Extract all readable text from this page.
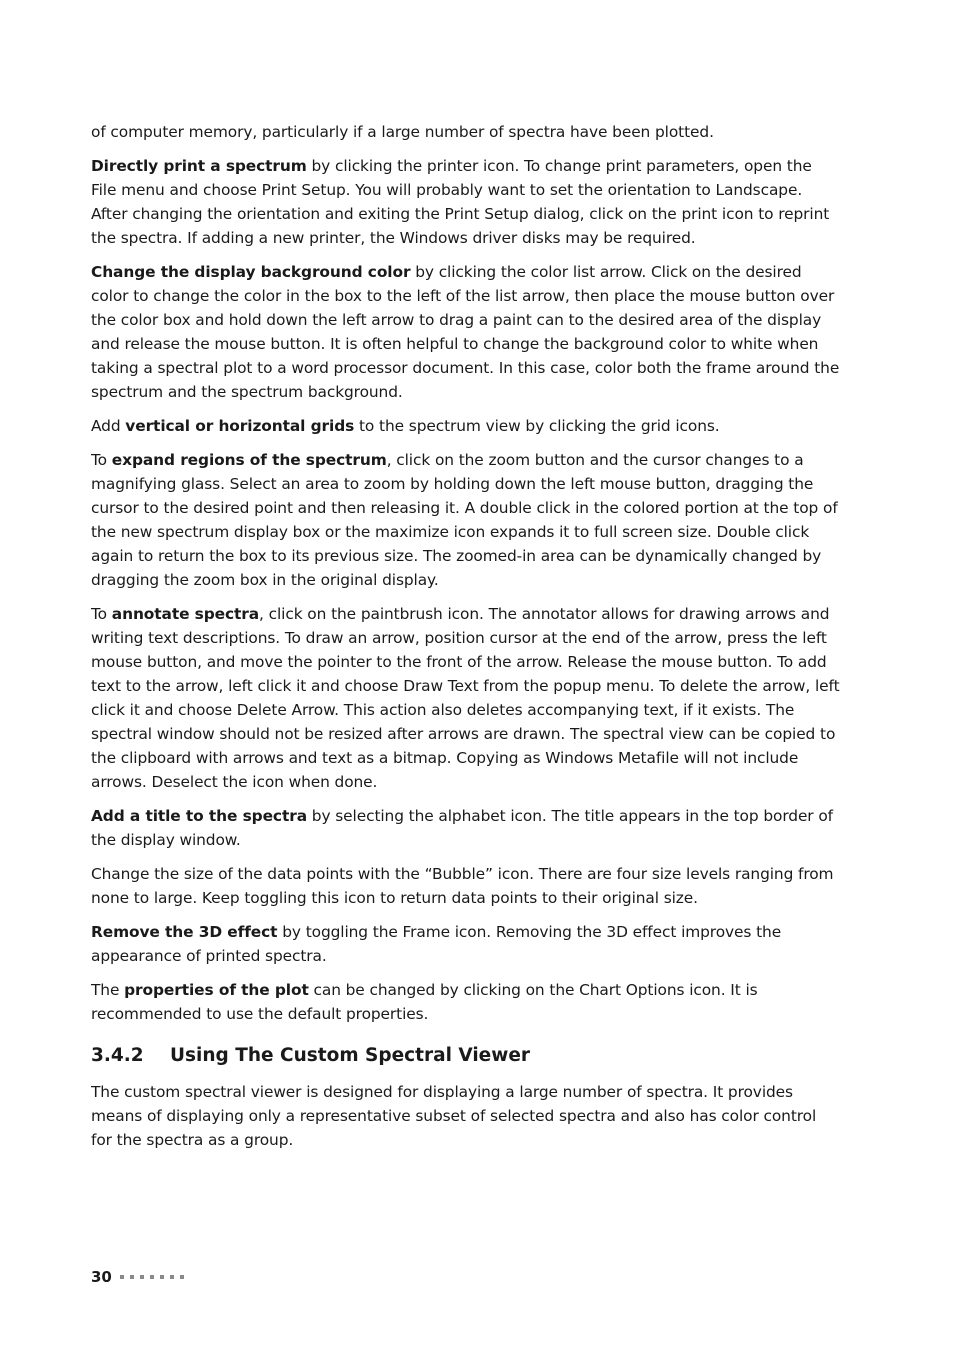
of computer memory, particularly if a large number of spectra have been plotted.

Directly print a spectrum by clicking the printer icon. To change print parameters, open the File menu and choose Print Setup. You will probably want to set the orientation to Landscape. After changing the orientation and exiting the Print Setup dialog, click on the print icon to reprint the spectra. If adding a new printer, the Windows driver disks may be required.

Change the display background color by clicking the color list arrow. Click on the desired color to change the color in the box to the left of the list arrow, then place the mouse button over the color box and hold down the left arrow to drag a paint can to the desired area of the display and release the mouse button. It is often helpful to change the background color to white when taking a spectral plot to a word processor document. In this case, color both the frame around the spectrum and the spectrum background.

Add vertical or horizontal grids to the spectrum view by clicking the grid icons.

To expand regions of the spectrum, click on the zoom button and the cursor changes to a magnifying glass. Select an area to zoom by holding down the left mouse button, dragging the cursor to the desired point and then releasing it. A double click in the colored portion at the top of the new spectrum display box or the maximize icon expands it to full screen size. Double click again to return the box to its previous size. The zoomed-in area can be dynamically changed by dragging the zoom box in the original display.

To annotate spectra, click on the paintbrush icon. The annotator allows for drawing arrows and writing text descriptions. To draw an arrow, position cursor at the end of the arrow, press the left mouse button, and move the pointer to the front of the arrow. Release the mouse button. To add text to the arrow, left click it and choose Draw Text from the popup menu. To delete the arrow, left click it and choose Delete Arrow. This action also deletes accompanying text, if it exists. The spectral window should not be resized after arrows are drawn. The spectral view can be copied to the clipboard with arrows and text as a bitmap. Copying as Windows Metafile will not include arrows. Deselect the icon when done.

Add a title to the spectra by selecting the alphabet icon. The title appears in the top border of the display window.

Change the size of the data points with the “Bubble” icon. There are four size levels ranging from none to large. Keep toggling this icon to return data points to their original size.

Remove the 3D effect by toggling the Frame icon. Removing the 3D effect improves the appearance of printed spectra.

The properties of the plot can be changed by clicking on the Chart Options icon. It is recommended to use the default properties.

3.4.2 Using The Custom Spectral Viewer

The custom spectral viewer is designed for displaying a large number of spectra. It provides means of displaying only a representative subset of selected spectra and also has color control for the spectra as a group.

30
